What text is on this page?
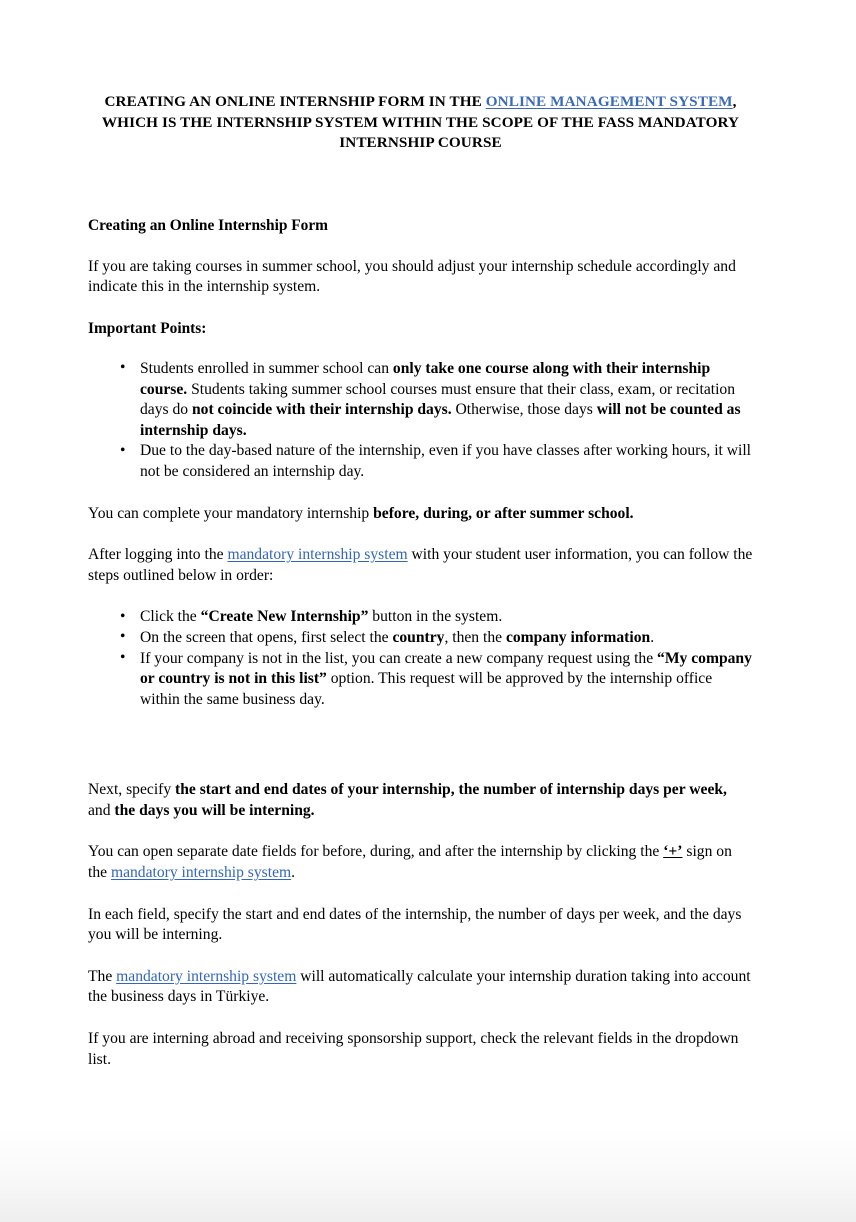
CREATING AN ONLINE INTERNSHIP FORM IN THE ONLINE MANAGEMENT SYSTEM, WHICH IS THE INTERNSHIP SYSTEM WITHIN THE SCOPE OF THE FASS MANDATORY INTERNSHIP COURSE
Creating an Online Internship Form

If you are taking courses in summer school, you should adjust your internship schedule accordingly and indicate this in the internship system.

Important Points:
• Students enrolled in summer school can only take one course along with their internship course. Students taking summer school courses must ensure that their class, exam, or recitation days do not coincide with their internship days. Otherwise, those days will not be counted as internship days.
• Due to the day-based nature of the internship, even if you have classes after working hours, it will not be considered an internship day.

You can complete your mandatory internship before, during, or after summer school.

After logging into the mandatory internship system with your student user information, you can follow the steps outlined below in order:

• Click the “Create New Internship” button in the system.
• On the screen that opens, first select the country, then the company information.
• If your company is not in the list, you can create a new company request using the “My company or country is not in this list” option. This request will be approved by the internship office within the same business day.

Next, specify the start and end dates of your internship, the number of internship days per week, and the days you will be interning.

You can open separate date fields for before, during, and after the internship by clicking the ‘+’ sign on the mandatory internship system.

In each field, specify the start and end dates of the internship, the number of days per week, and the days you will be interning.

The mandatory internship system will automatically calculate your internship duration taking into account the business days in Türkiye.

If you are interning abroad and receiving sponsorship support, check the relevant fields in the dropdown list.
